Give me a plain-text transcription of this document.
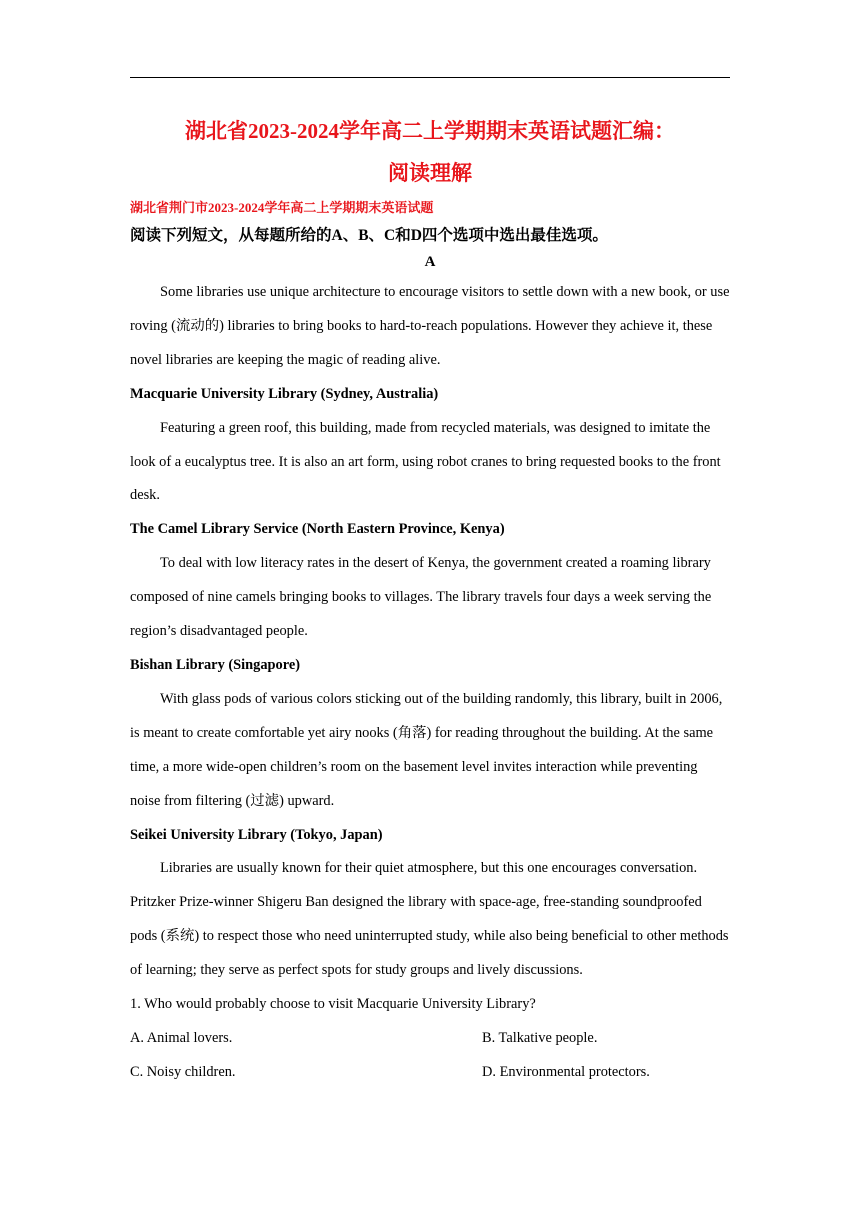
湖北省2023-2024学年高二上学期期末英语试题汇编：
阅读理解
湖北省荆门市2023-2024学年高二上学期期末英语试题
阅读下列短文，从每题所给的A、B、C和D四个选项中选出最佳选项。
A

Some libraries use unique architecture to encourage visitors to settle down with a new book, or use roving (流动的) libraries to bring books to hard-to-reach populations. However they achieve it, these novel libraries are keeping the magic of reading alive.

Macquarie University Library (Sydney, Australia)

Featuring a green roof, this building, made from recycled materials, was designed to imitate the look of a eucalyptus tree. It is also an art form, using robot cranes to bring requested books to the front desk.

The Camel Library Service (North Eastern Province, Kenya)

To deal with low literacy rates in the desert of Kenya, the government created a roaming library composed of nine camels bringing books to villages. The library travels four days a week serving the region’s disadvantaged people.

Bishan Library (Singapore)

With glass pods of various colors sticking out of the building randomly, this library, built in 2006, is meant to create comfortable yet airy nooks (角落) for reading throughout the building. At the same time, a more wide-open children’s room on the basement level invites interaction while preventing noise from filtering (过滤) upward.

Seikei University Library (Tokyo, Japan)

Libraries are usually known for their quiet atmosphere, but this one encourages conversation. Pritzker Prize-winner Shigeru Ban designed the library with space-age, free-standing soundproofed pods (系统) to respect those who need uninterrupted study, while also being beneficial to other methods of learning; they serve as perfect spots for study groups and lively discussions.

1. Who would probably choose to visit Macquarie University Library?

A. Animal lovers.	B. Talkative people.

C. Noisy children.	D. Environmental protectors.
